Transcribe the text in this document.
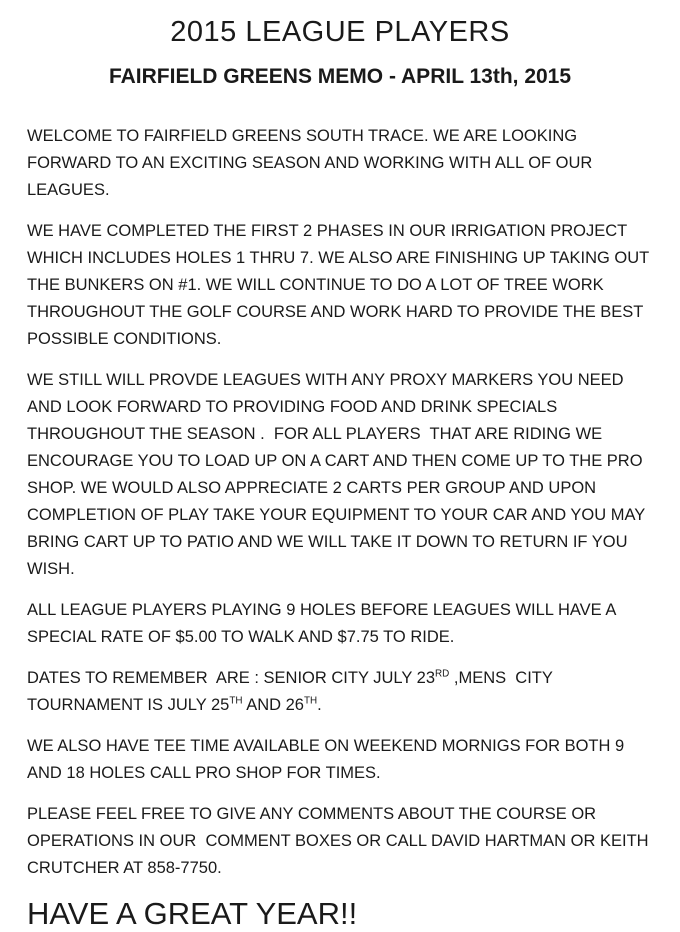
2015 LEAGUE PLAYERS
FAIRFIELD GREENS MEMO - APRIL 13th, 2015

WELCOME TO FAIRFIELD GREENS SOUTH TRACE. WE ARE LOOKING FORWARD TO AN EXCITING SEASON AND WORKING WITH ALL OF OUR LEAGUES.

WE HAVE COMPLETED THE FIRST 2 PHASES IN OUR IRRIGATION PROJECT WHICH INCLUDES HOLES 1 THRU 7. WE ALSO ARE FINISHING UP TAKING OUT THE BUNKERS ON #1. WE WILL CONTINUE TO DO A LOT OF TREE WORK THROUGHOUT THE GOLF COURSE AND WORK HARD TO PROVIDE THE BEST POSSIBLE CONDITIONS.

WE STILL WILL PROVDE LEAGUES WITH ANY PROXY MARKERS YOU NEED AND LOOK FORWARD TO PROVIDING FOOD AND DRINK SPECIALS THROUGHOUT THE SEASON .  FOR ALL PLAYERS  THAT ARE RIDING WE ENCOURAGE YOU TO LOAD UP ON A CART AND THEN COME UP TO THE PRO SHOP. WE WOULD ALSO APPRECIATE 2 CARTS PER GROUP AND UPON COMPLETION OF PLAY TAKE YOUR EQUIPMENT TO YOUR CAR AND YOU MAY BRING CART UP TO PATIO AND WE WILL TAKE IT DOWN TO RETURN IF YOU WISH.

ALL LEAGUE PLAYERS PLAYING 9 HOLES BEFORE LEAGUES WILL HAVE A SPECIAL RATE OF $5.00 TO WALK AND $7.75 TO RIDE.

DATES TO REMEMBER  ARE : SENIOR CITY JULY 23RD ,MENS  CITY TOURNAMENT IS JULY 25TH AND 26TH.

WE ALSO HAVE TEE TIME AVAILABLE ON WEEKEND MORNIGS FOR BOTH 9 AND 18 HOLES CALL PRO SHOP FOR TIMES.

PLEASE FEEL FREE TO GIVE ANY COMMENTS ABOUT THE COURSE OR OPERATIONS IN OUR  COMMENT BOXES OR CALL DAVID HARTMAN OR KEITH CRUTCHER AT 858-7750.

HAVE A GREAT YEAR!!
